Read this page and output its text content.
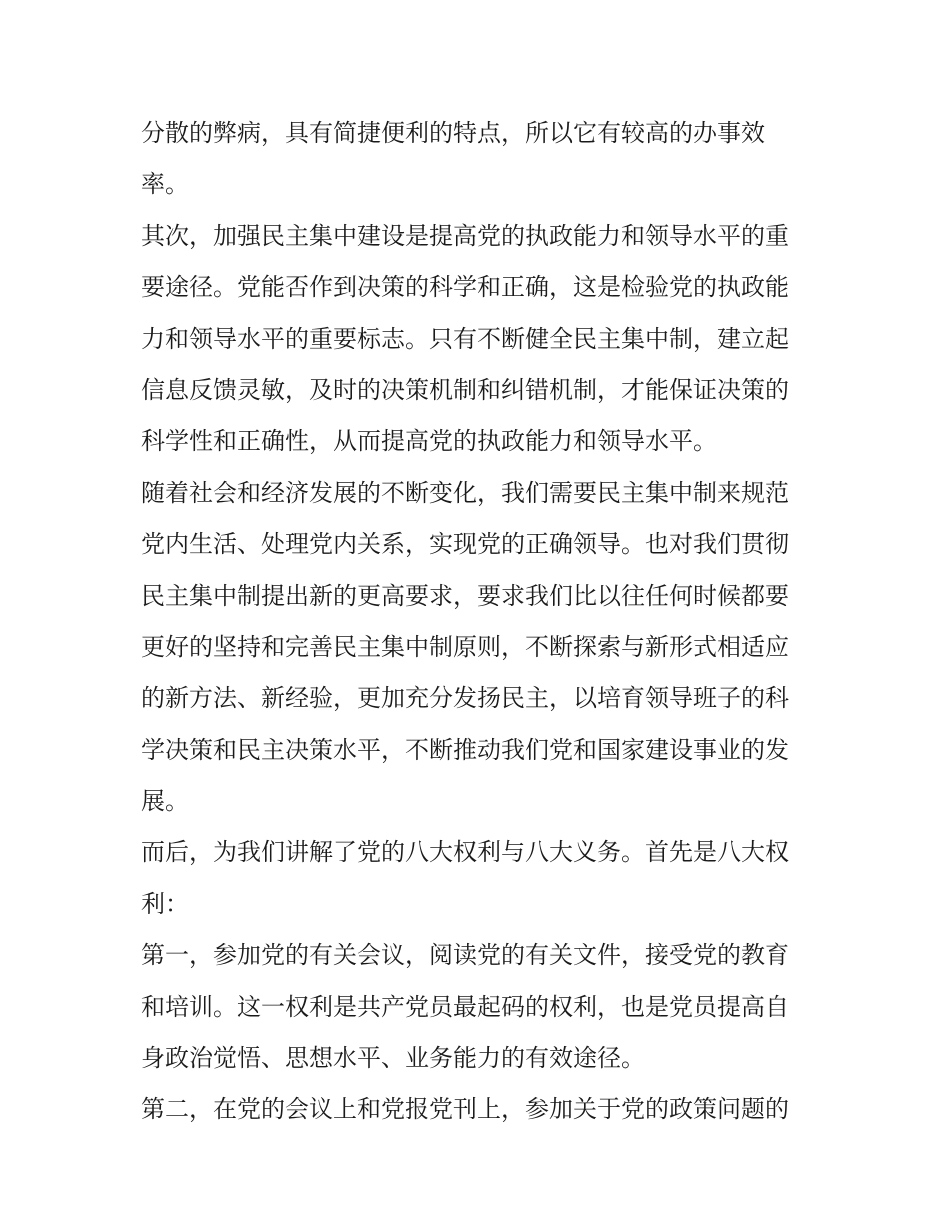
分散的弊病，具有简捷便利的特点，所以它有较高的办事效
率。
其次，加强民主集中建设是提高党的执政能力和领导水平的重
要途径。党能否作到决策的科学和正确，这是检验党的执政能
力和领导水平的重要标志。只有不断健全民主集中制，建立起
信息反馈灵敏，及时的决策机制和纠错机制，才能保证决策的
科学性和正确性，从而提高党的执政能力和领导水平。
随着社会和经济发展的不断变化，我们需要民主集中制来规范
党内生活、处理党内关系，实现党的正确领导。也对我们贯彻
民主集中制提出新的更高要求，要求我们比以往任何时候都要
更好的坚持和完善民主集中制原则，不断探索与新形式相适应
的新方法、新经验，更加充分发扬民主，以培育领导班子的科
学决策和民主决策水平，不断推动我们党和国家建设事业的发
展。
而后，为我们讲解了党的八大权利与八大义务。首先是八大权
利：
第一，参加党的有关会议，阅读党的有关文件，接受党的教育
和培训。这一权利是共产党员最起码的权利，也是党员提高自
身政治觉悟、思想水平、业务能力的有效途径。
第二，在党的会议上和党报党刊上，参加关于党的政策问题的
